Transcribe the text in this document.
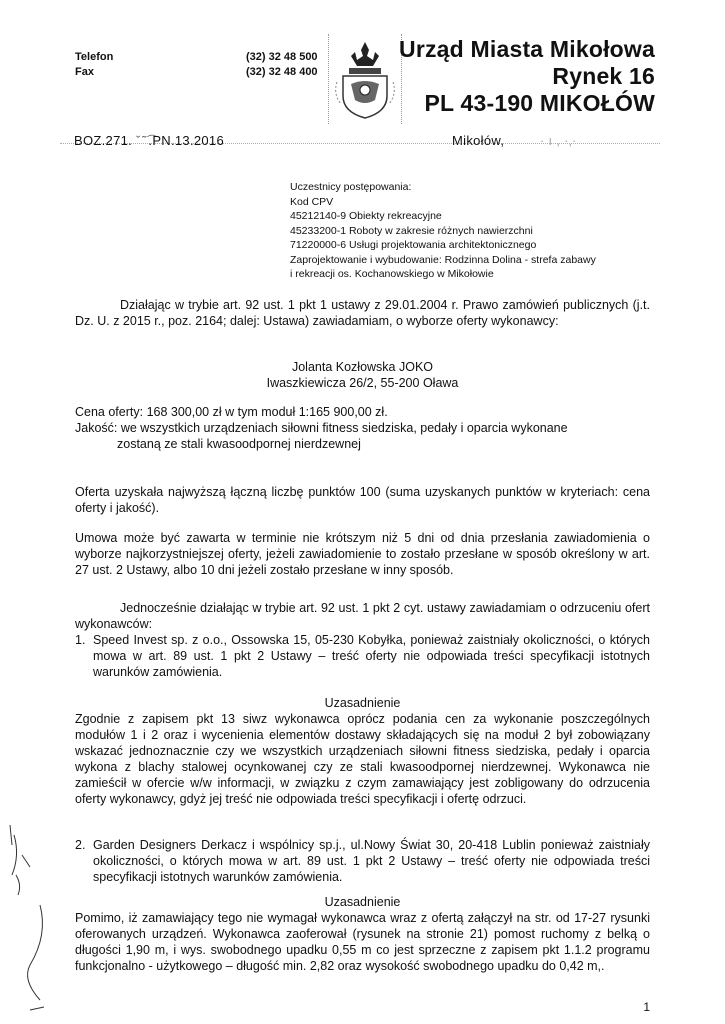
Telefon
Fax
(32) 32 48 500
(32) 32 48 400
Urząd Miasta Mikołowa
Rynek 16
PL 43-190 MIKOŁÓW
BOZ.271. ˇ ͂ ͡.PN.13.2016	Mikołów,	· ı , ·‚·
Uczestnicy postępowania:
Kod CPV
45212140-9 Obiekty rekreacyjne
45233200-1 Roboty w zakresie różnych nawierzchni
71220000-6 Usługi projektowania architektonicznego
Zaprojektowanie i wybudowanie: Rodzinna Dolina - strefa zabawy
i rekreacji os. Kochanowskiego w Mikołowie
Działając w trybie art. 92 ust. 1 pkt 1 ustawy z 29.01.2004 r. Prawo zamówień publicznych (j.t. Dz. U. z 2015 r., poz. 2164; dalej: Ustawa) zawiadamiam, o wyborze oferty wykonawcy:
Jolanta Kozłowska JOKO
Iwaszkiewicza 26/2, 55-200 Oława
Cena oferty: 168 300,00 zł w tym moduł 1:165 900,00 zł.
Jakość: we wszystkich urządzeniach siłowni fitness siedziska, pedały i oparcia wykonane
zostaną ze stali kwasoodpornej nierdzewnej
Oferta uzyskała najwyższą łączną liczbę punktów 100 (suma uzyskanych punktów w kryteriach: cena oferty i jakość).
Umowa może być zawarta w terminie nie krótszym niż 5 dni od dnia przesłania zawiadomienia o wyborze najkorzystniejszej oferty, jeżeli zawiadomienie to zostało przesłane w sposób określony w art. 27 ust. 2 Ustawy, albo 10 dni jeżeli zostało przesłane w inny sposób.
Jednocześnie działając w trybie art. 92 ust. 1 pkt 2 cyt. ustawy zawiadamiam o odrzuceniu ofert wykonawców:
1. Speed Invest sp. z o.o., Ossowska 15, 05-230 Kobyłka, ponieważ zaistniały okoliczności, o których mowa w art. 89 ust. 1 pkt 2 Ustawy – treść oferty nie odpowiada treści specyfikacji istotnych warunków zamówienia.
Uzasadnienie
Zgodnie z zapisem pkt 13 siwz wykonawca oprócz podania cen za wykonanie poszczególnych modułów 1 i 2 oraz i wycenienia elementów dostawy składających się na moduł 2 był zobowiązany wskazać jednoznacznie czy we wszystkich urządzeniach siłowni fitness siedziska, pedały i oparcia wykona z blachy stalowej ocynkowanej czy ze stali kwasoodpornej nierdzewnej. Wykonawca nie zamieścił w ofercie w/w informacji, w związku z czym zamawiający jest zobligowany do odrzucenia oferty wykonawcy, gdyż jej treść nie odpowiada treści specyfikacji i ofertę odrzuci.
2. Garden Designers Derkacz i wspólnicy sp.j., ul.Nowy Świat 30, 20-418 Lublin ponieważ zaistniały okoliczności, o których mowa w art. 89 ust. 1 pkt 2 Ustawy – treść oferty nie odpowiada treści specyfikacji istotnych warunków zamówienia.
Uzasadnienie
Pomimo, iż zamawiający tego nie wymagał wykonawca wraz z ofertą załączył na str. od 17-27 rysunki oferowanych urządzeń. Wykonawca zaoferował (rysunek na stronie 21) pomost ruchomy z belką o długości 1,90 m, i wys. swobodnego upadku 0,55 m co jest sprzeczne z zapisem pkt 1.1.2 programu funkcjonalno - użytkowego – długość min. 2,82 oraz wysokość swobodnego upadku do 0,42 m,.
1
